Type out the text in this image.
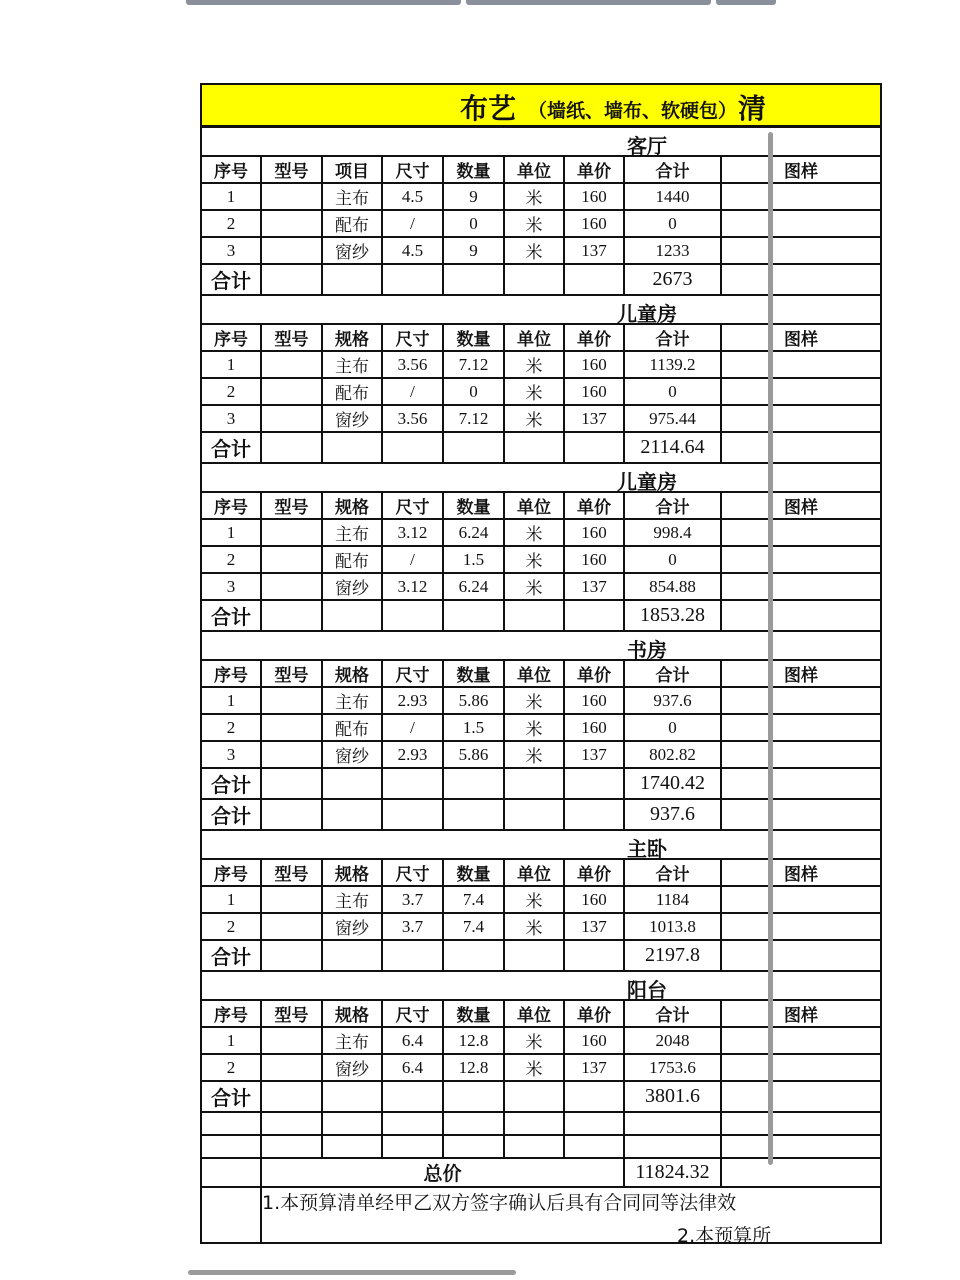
布艺 （墙纸、墙布、软硬包） 清								

客厅								

序号	型号	项目	尺寸	数量	单位	单价	合计	图样
1		主布	4.5	9	米	160	1440	
2		配布	/	0	米	160	0	
3		窗纱	4.5	9	米	137	1233	
合计							2673	

儿童房								

序号	型号	规格	尺寸	数量	单位	单价	合计	图样
1		主布	3.56	7.12	米	160	1139.2	
2		配布	/	0	米	160	0	
3		窗纱	3.56	7.12	米	137	975.44	
合计							2114.64	

儿童房								

序号	型号	规格	尺寸	数量	单位	单价	合计	图样
1		主布	3.12	6.24	米	160	998.4	
2		配布	/	1.5	米	160	0	
3		窗纱	3.12	6.24	米	137	854.88	
合计							1853.28	

书房								

序号	型号	规格	尺寸	数量	单位	单价	合计	图样
1		主布	2.93	5.86	米	160	937.6	
2		配布	/	1.5	米	160	0	
3		窗纱	2.93	5.86	米	137	802.82	
合计							1740.42	
合计							937.6	

主卧								

序号	型号	规格	尺寸	数量	单位	单价	合计	图样
1		主布	3.7	7.4	米	160	1184	
2		窗纱	3.7	7.4	米	137	1013.8	
合计							2197.8	

阳台								

序号	型号	规格	尺寸	数量	单位	单价	合计	图样
1		主布	6.4	12.8	米	160	2048	
2		窗纱	6.4	12.8	米	137	1753.6	
合计							3801.6	

	总价						11824.32	

	1.本预算清单经甲乙双方签字确认后具有合同同等法律效
2.本预算所							
